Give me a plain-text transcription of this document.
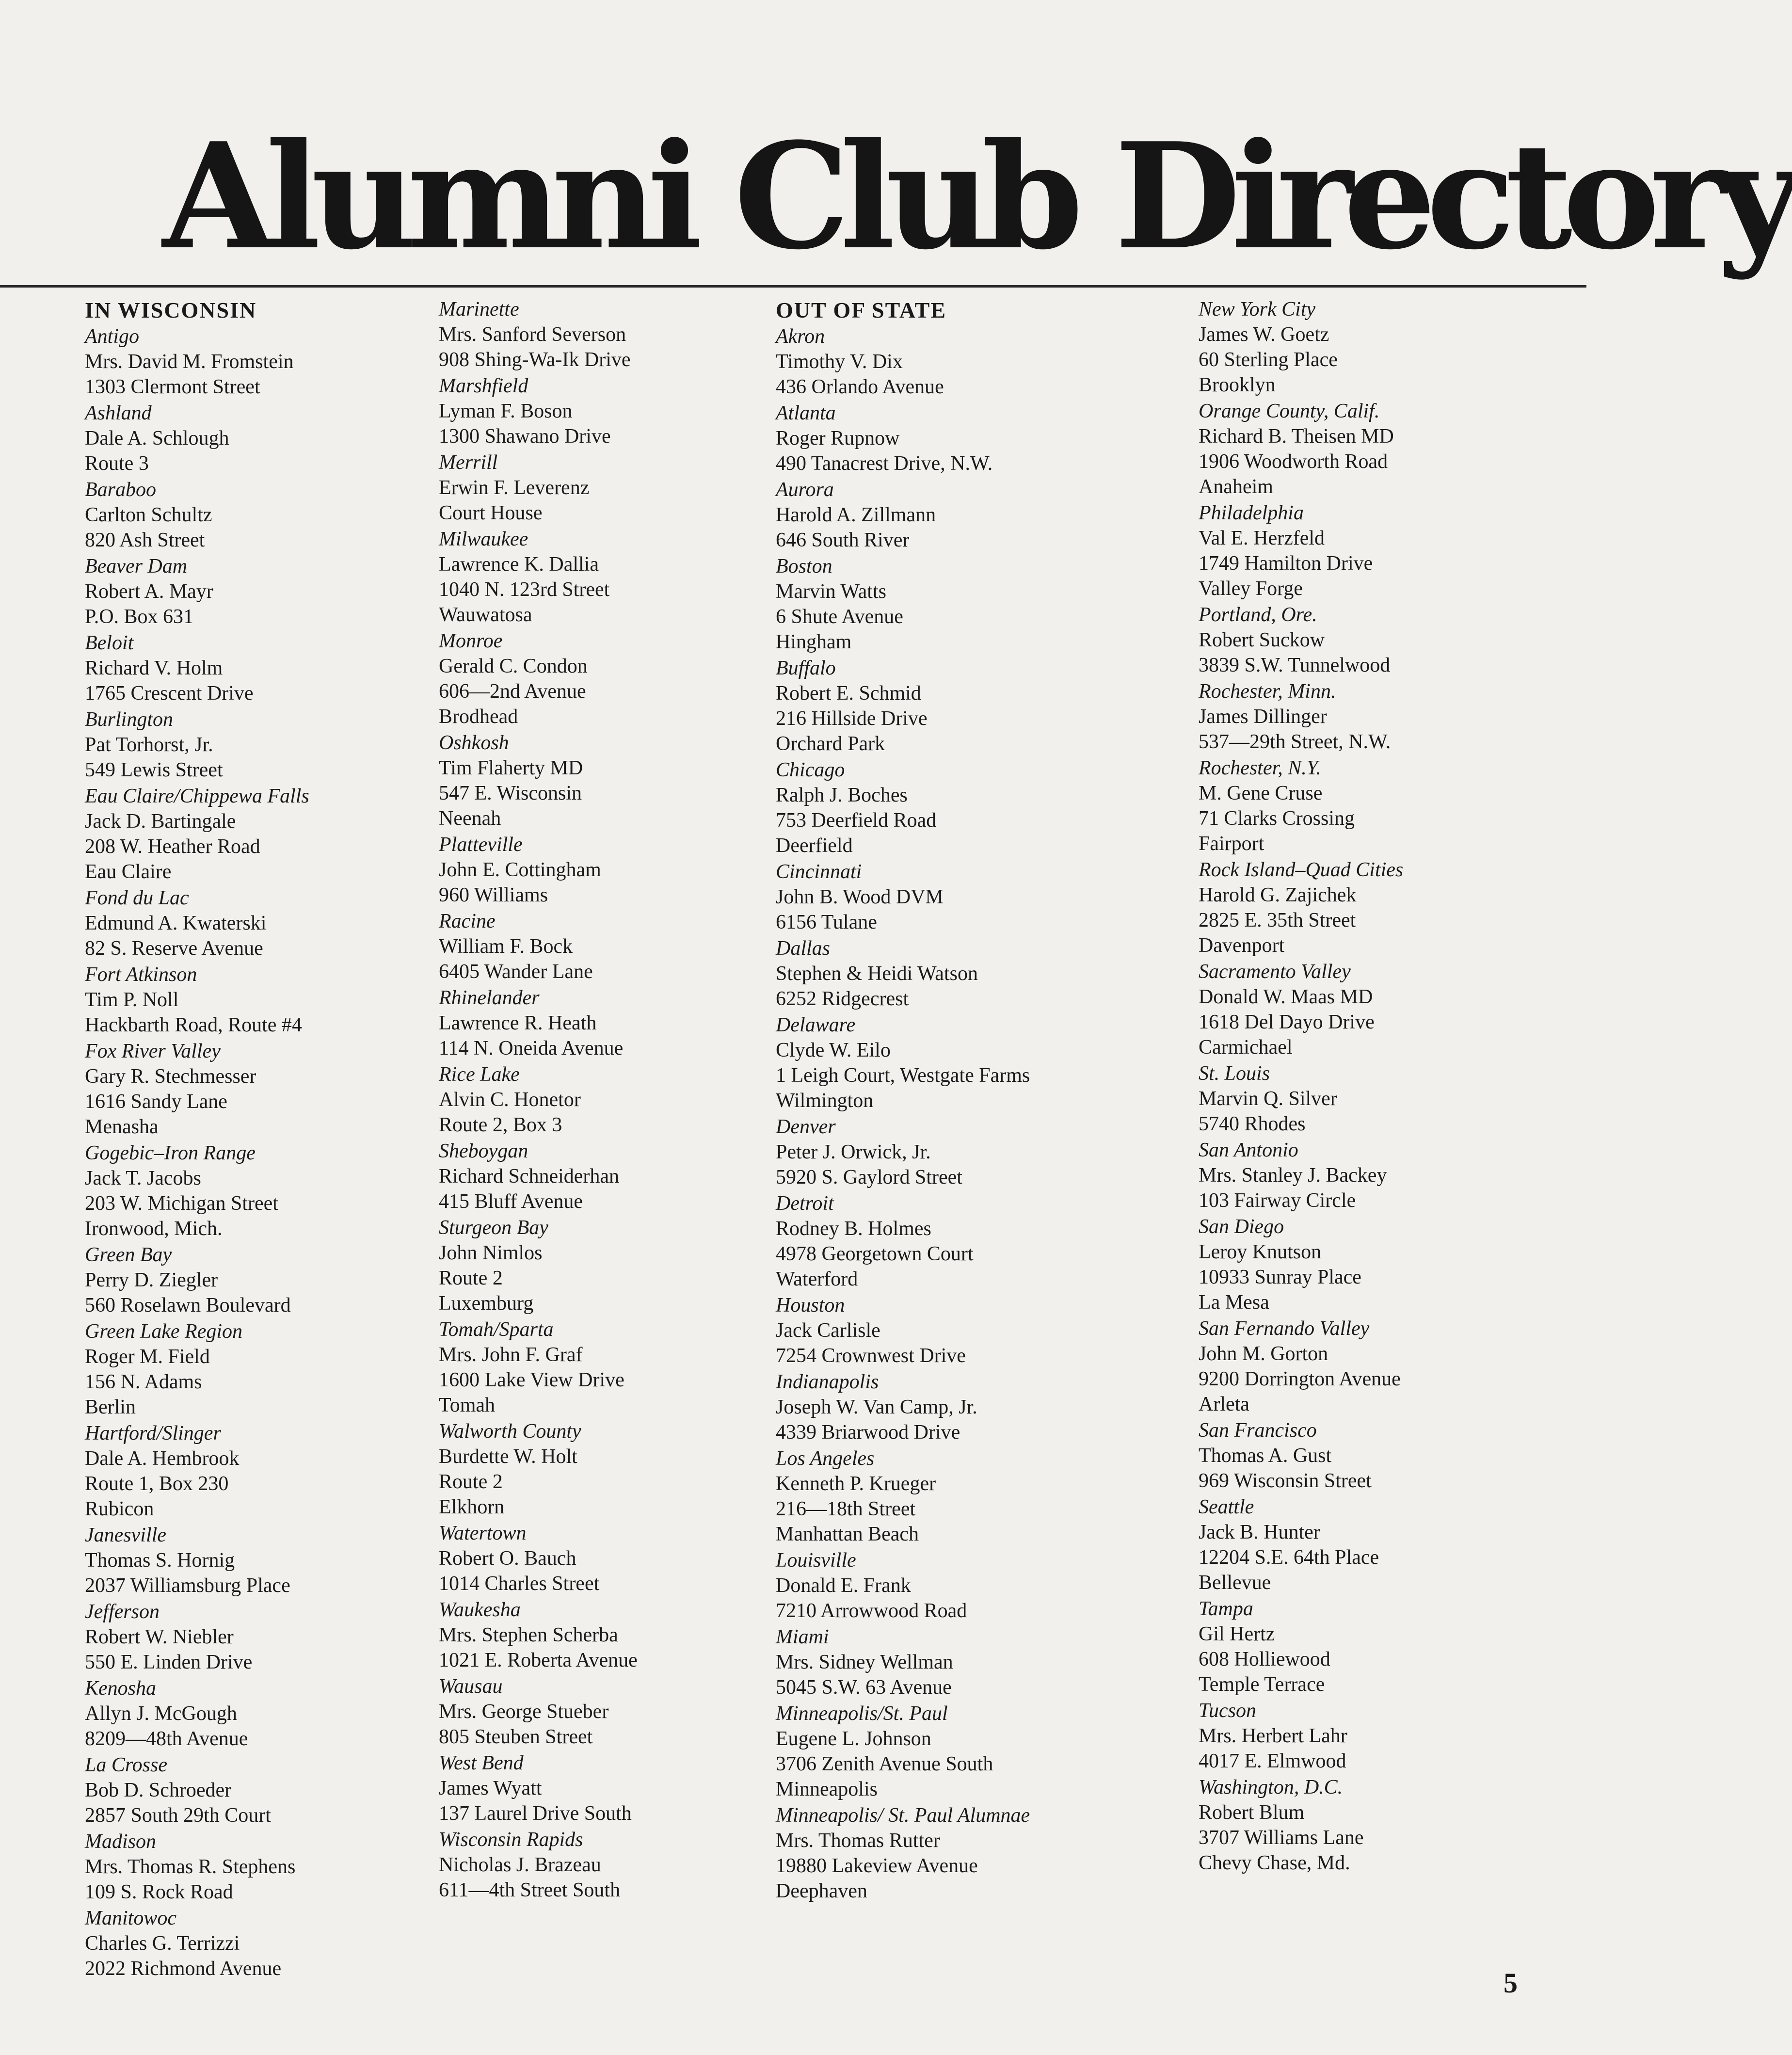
Alumni Club Directory
IN WISCONSIN
Antigo
Mrs. David M. Fromstein
1303 Clermont Street
Ashland
Dale A. Schlough
Route 3
Baraboo
Carlton Schultz
820 Ash Street
Beaver Dam
Robert A. Mayr
P.O. Box 631
Beloit
Richard V. Holm
1765 Crescent Drive
Burlington
Pat Torhorst, Jr.
549 Lewis Street
Eau Claire/Chippewa Falls
Jack D. Bartingale
208 W. Heather Road
Eau Claire
Fond du Lac
Edmund A. Kwaterski
82 S. Reserve Avenue
Fort Atkinson
Tim P. Noll
Hackbarth Road, Route #4
Fox River Valley
Gary R. Stechmesser
1616 Sandy Lane
Menasha
Gogebic–Iron Range
Jack T. Jacobs
203 W. Michigan Street
Ironwood, Mich.
Green Bay
Perry D. Ziegler
560 Roselawn Boulevard
Green Lake Region
Roger M. Field
156 N. Adams
Berlin
Hartford/Slinger
Dale A. Hembrook
Route 1, Box 230
Rubicon
Janesville
Thomas S. Hornig
2037 Williamsburg Place
Jefferson
Robert W. Niebler
550 E. Linden Drive
Kenosha
Allyn J. McGough
8209—48th Avenue
La Crosse
Bob D. Schroeder
2857 South 29th Court
Madison
Mrs. Thomas R. Stephens
109 S. Rock Road
Manitowoc
Charles G. Terrizzi
2022 Richmond Avenue
Marinette
Mrs. Sanford Severson
908 Shing-Wa-Ik Drive
Marshfield
Lyman F. Boson
1300 Shawano Drive
Merrill
Erwin F. Leverenz
Court House
Milwaukee
Lawrence K. Dallia
1040 N. 123rd Street
Wauwatosa
Monroe
Gerald C. Condon
606—2nd Avenue
Brodhead
Oshkosh
Tim Flaherty MD
547 E. Wisconsin
Neenah
Platteville
John E. Cottingham
960 Williams
Racine
William F. Bock
6405 Wander Lane
Rhinelander
Lawrence R. Heath
114 N. Oneida Avenue
Rice Lake
Alvin C. Honetor
Route 2, Box 3
Sheboygan
Richard Schneiderhan
415 Bluff Avenue
Sturgeon Bay
John Nimlos
Route 2
Luxemburg
Tomah/Sparta
Mrs. John F. Graf
1600 Lake View Drive
Tomah
Walworth County
Burdette W. Holt
Route 2
Elkhorn
Watertown
Robert O. Bauch
1014 Charles Street
Waukesha
Mrs. Stephen Scherba
1021 E. Roberta Avenue
Wausau
Mrs. George Stueber
805 Steuben Street
West Bend
James Wyatt
137 Laurel Drive South
Wisconsin Rapids
Nicholas J. Brazeau
611—4th Street South
OUT OF STATE
Akron
Timothy V. Dix
436 Orlando Avenue
Atlanta
Roger Rupnow
490 Tanacrest Drive, N.W.
Aurora
Harold A. Zillmann
646 South River
Boston
Marvin Watts
6 Shute Avenue
Hingham
Buffalo
Robert E. Schmid
216 Hillside Drive
Orchard Park
Chicago
Ralph J. Boches
753 Deerfield Road
Deerfield
Cincinnati
John B. Wood DVM
6156 Tulane
Dallas
Stephen & Heidi Watson
6252 Ridgecrest
Delaware
Clyde W. Eilo
1 Leigh Court, Westgate Farms
Wilmington
Denver
Peter J. Orwick, Jr.
5920 S. Gaylord Street
Detroit
Rodney B. Holmes
4978 Georgetown Court
Waterford
Houston
Jack Carlisle
7254 Crownwest Drive
Indianapolis
Joseph W. Van Camp, Jr.
4339 Briarwood Drive
Los Angeles
Kenneth P. Krueger
216—18th Street
Manhattan Beach
Louisville
Donald E. Frank
7210 Arrowwood Road
Miami
Mrs. Sidney Wellman
5045 S.W. 63 Avenue
Minneapolis/St. Paul
Eugene L. Johnson
3706 Zenith Avenue South
Minneapolis
Minneapolis/ St. Paul Alumnae
Mrs. Thomas Rutter
19880 Lakeview Avenue
Deephaven
New York City
James W. Goetz
60 Sterling Place
Brooklyn
Orange County, Calif.
Richard B. Theisen MD
1906 Woodworth Road
Anaheim
Philadelphia
Val E. Herzfeld
1749 Hamilton Drive
Valley Forge
Portland, Ore.
Robert Suckow
3839 S.W. Tunnelwood
Rochester, Minn.
James Dillinger
537—29th Street, N.W.
Rochester, N.Y.
M. Gene Cruse
71 Clarks Crossing
Fairport
Rock Island–Quad Cities
Harold G. Zajichek
2825 E. 35th Street
Davenport
Sacramento Valley
Donald W. Maas MD
1618 Del Dayo Drive
Carmichael
St. Louis
Marvin Q. Silver
5740 Rhodes
San Antonio
Mrs. Stanley J. Backey
103 Fairway Circle
San Diego
Leroy Knutson
10933 Sunray Place
La Mesa
San Fernando Valley
John M. Gorton
9200 Dorrington Avenue
Arleta
San Francisco
Thomas A. Gust
969 Wisconsin Street
Seattle
Jack B. Hunter
12204 S.E. 64th Place
Bellevue
Tampa
Gil Hertz
608 Holliewood
Temple Terrace
Tucson
Mrs. Herbert Lahr
4017 E. Elmwood
Washington, D.C.
Robert Blum
3707 Williams Lane
Chevy Chase, Md.
5
